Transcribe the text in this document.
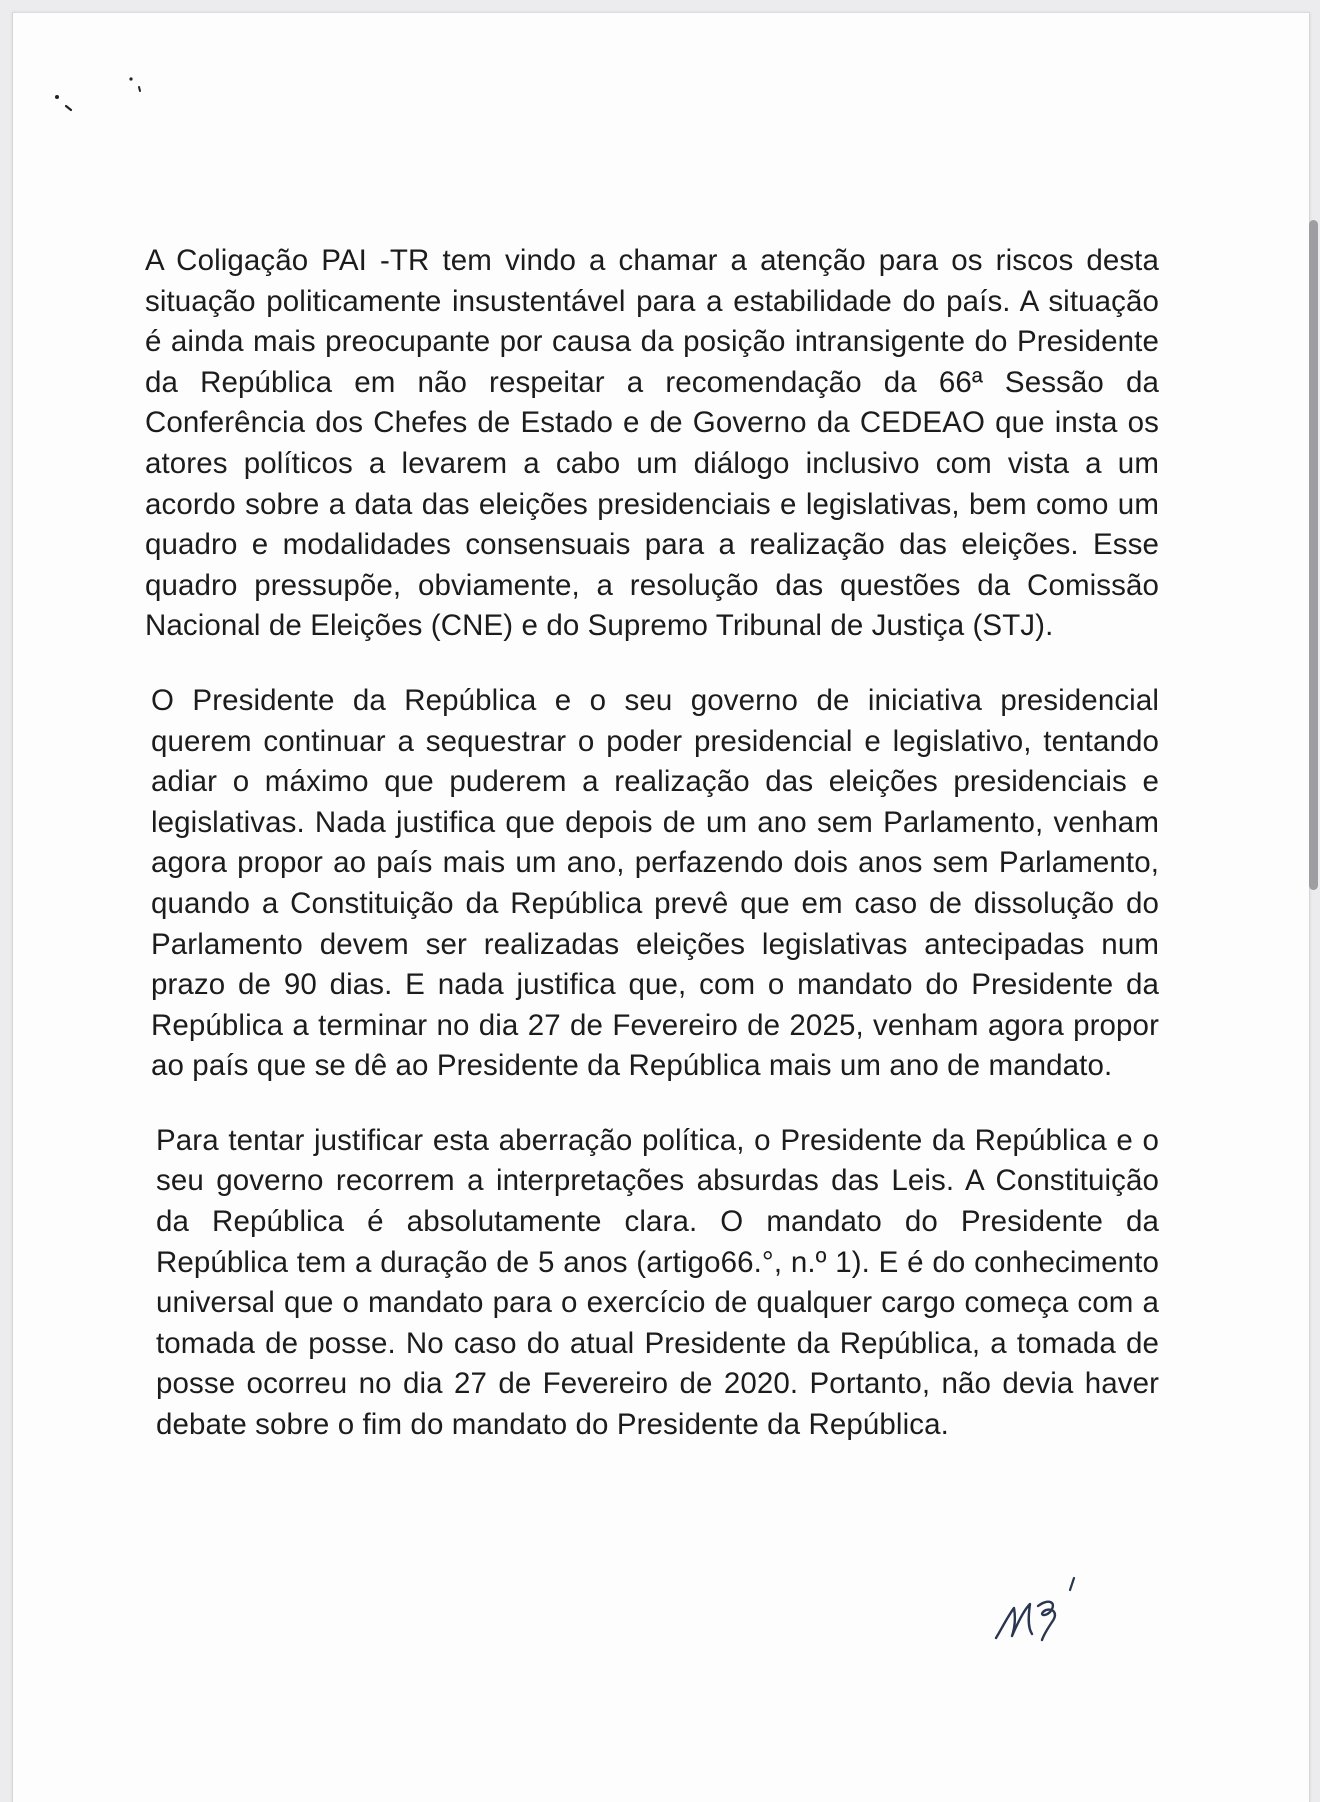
A Coligação PAI -TR tem vindo a chamar a atenção para os riscos desta situação politicamente insustentável para a estabilidade do país. A situação é ainda mais preocupante por causa da posição intransigente do Presidente da República em não respeitar a recomendação da 66ª Sessão da Conferência dos Chefes de Estado e de Governo da CEDEAO que insta os atores políticos a levarem a cabo um diálogo inclusivo com vista a um acordo sobre a data das eleições presidenciais e legislativas, bem como um quadro e modalidades consensuais para a realização das eleições. Esse quadro pressupõe, obviamente, a resolução das questões da Comissão Nacional de Eleições (CNE) e do Supremo Tribunal de Justiça (STJ).

O Presidente da República e o seu governo de iniciativa presidencial querem continuar a sequestrar o poder presidencial e legislativo, tentando adiar o máximo que puderem a realização das eleições presidenciais e legislativas. Nada justifica que depois de um ano sem Parlamento, venham agora propor ao país mais um ano, perfazendo dois anos sem Parlamento, quando a Constituição da República prevê que em caso de dissolução do Parlamento devem ser realizadas eleições legislativas antecipadas num prazo de 90 dias. E nada justifica que, com o mandato do Presidente da República a terminar no dia 27 de Fevereiro de 2025, venham agora propor ao país que se dê ao Presidente da República mais um ano de mandato.

Para tentar justificar esta aberração política, o Presidente da República e o seu governo recorrem a interpretações absurdas das Leis. A Constituição da República é absolutamente clara. O mandato do Presidente da República tem a duração de 5 anos (artigo66.°, n.º 1). E é do conhecimento universal que o mandato para o exercício de qualquer cargo começa com a tomada de posse. No caso do atual Presidente da República, a tomada de posse ocorreu no dia 27 de Fevereiro de 2020. Portanto, não devia haver debate sobre o fim do mandato do Presidente da República.
